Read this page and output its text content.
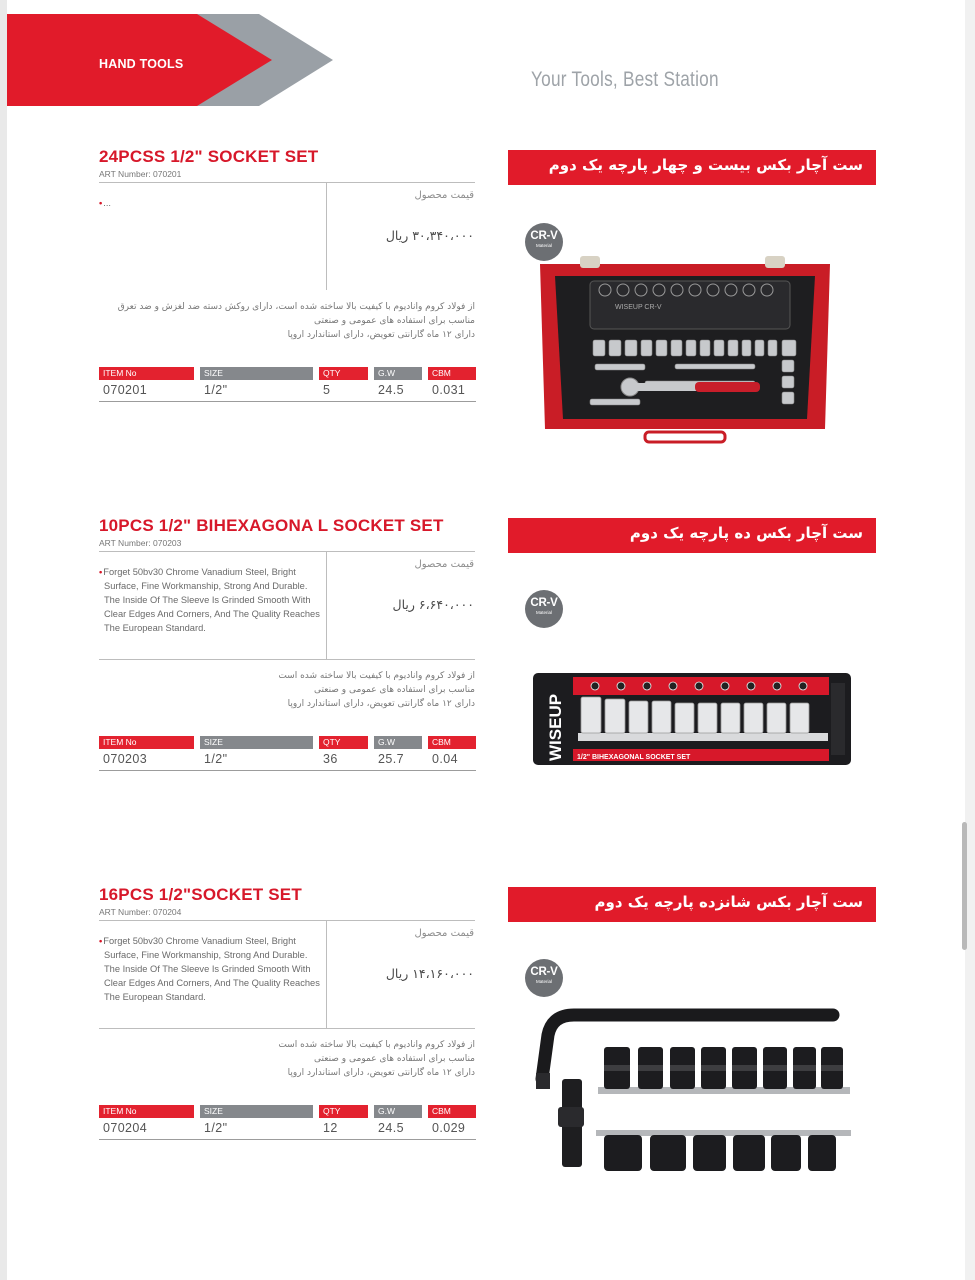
HAND TOOLS
Your Tools, Best Station
24PCSS 1/2" SOCKET SET
ART Number: 070201
•...
قیمت محصول
۳۰،۳۴۰،۰۰۰ ریال
از فولاد کروم وانادیوم با کیفیت بالا ساخته شده است، دارای روکش دسته ضد لغزش و ضد تعرق
مناسب برای استفاده های عمومی و صنعتی
دارای ۱۲ ماه گارانتی تعویض، دارای استاندارد اروپا
ITEM No	SIZE	QTY	G.W	CBM
070201	1/2"	5	24.5	0.031
ست آچار بکس بیست و چهار پارچه یک دوم
CR-V
Material
WISEUP CR-V
10PCS 1/2" BIHEXAGONA L SOCKET SET
ART Number: 070203
•Forget 50bv30 Chrome Vanadium Steel, Bright Surface, Fine Workmanship, Strong And Durable. The Inside Of The Sleeve Is Grinded Smooth With Clear Edges And Corners, And The Quality Reaches The European Standard.
قیمت محصول
۶،۶۴۰،۰۰۰ ریال
از فولاد کروم وانادیوم با کیفیت بالا ساخته شده است
مناسب برای استفاده های عمومی و صنعتی
دارای ۱۲ ماه گارانتی تعویض، دارای استاندارد اروپا
ITEM No	SIZE	QTY	G.W	CBM
070203	1/2"	36	25.7	0.04
ست آچار بکس ده پارچه یک دوم
CR-V
Material
WISEUP 1/2" BIHEXAGONAL SOCKET SET
16PCS 1/2"SOCKET SET
ART Number: 070204
•Forget 50bv30 Chrome Vanadium Steel, Bright Surface, Fine Workmanship, Strong And Durable. The Inside Of The Sleeve Is Grinded Smooth With Clear Edges And Corners, And The Quality Reaches The European Standard.
قیمت محصول
۱۴،۱۶۰،۰۰۰ ریال
از فولاد کروم وانادیوم با کیفیت بالا ساخته شده است
مناسب برای استفاده های عمومی و صنعتی
دارای ۱۲ ماه گارانتی تعویض، دارای استاندارد اروپا
ITEM No	SIZE	QTY	G.W	CBM
070204	1/2"	12	24.5	0.029
ست آچار بکس شانزده پارچه یک دوم
CR-V
Material
